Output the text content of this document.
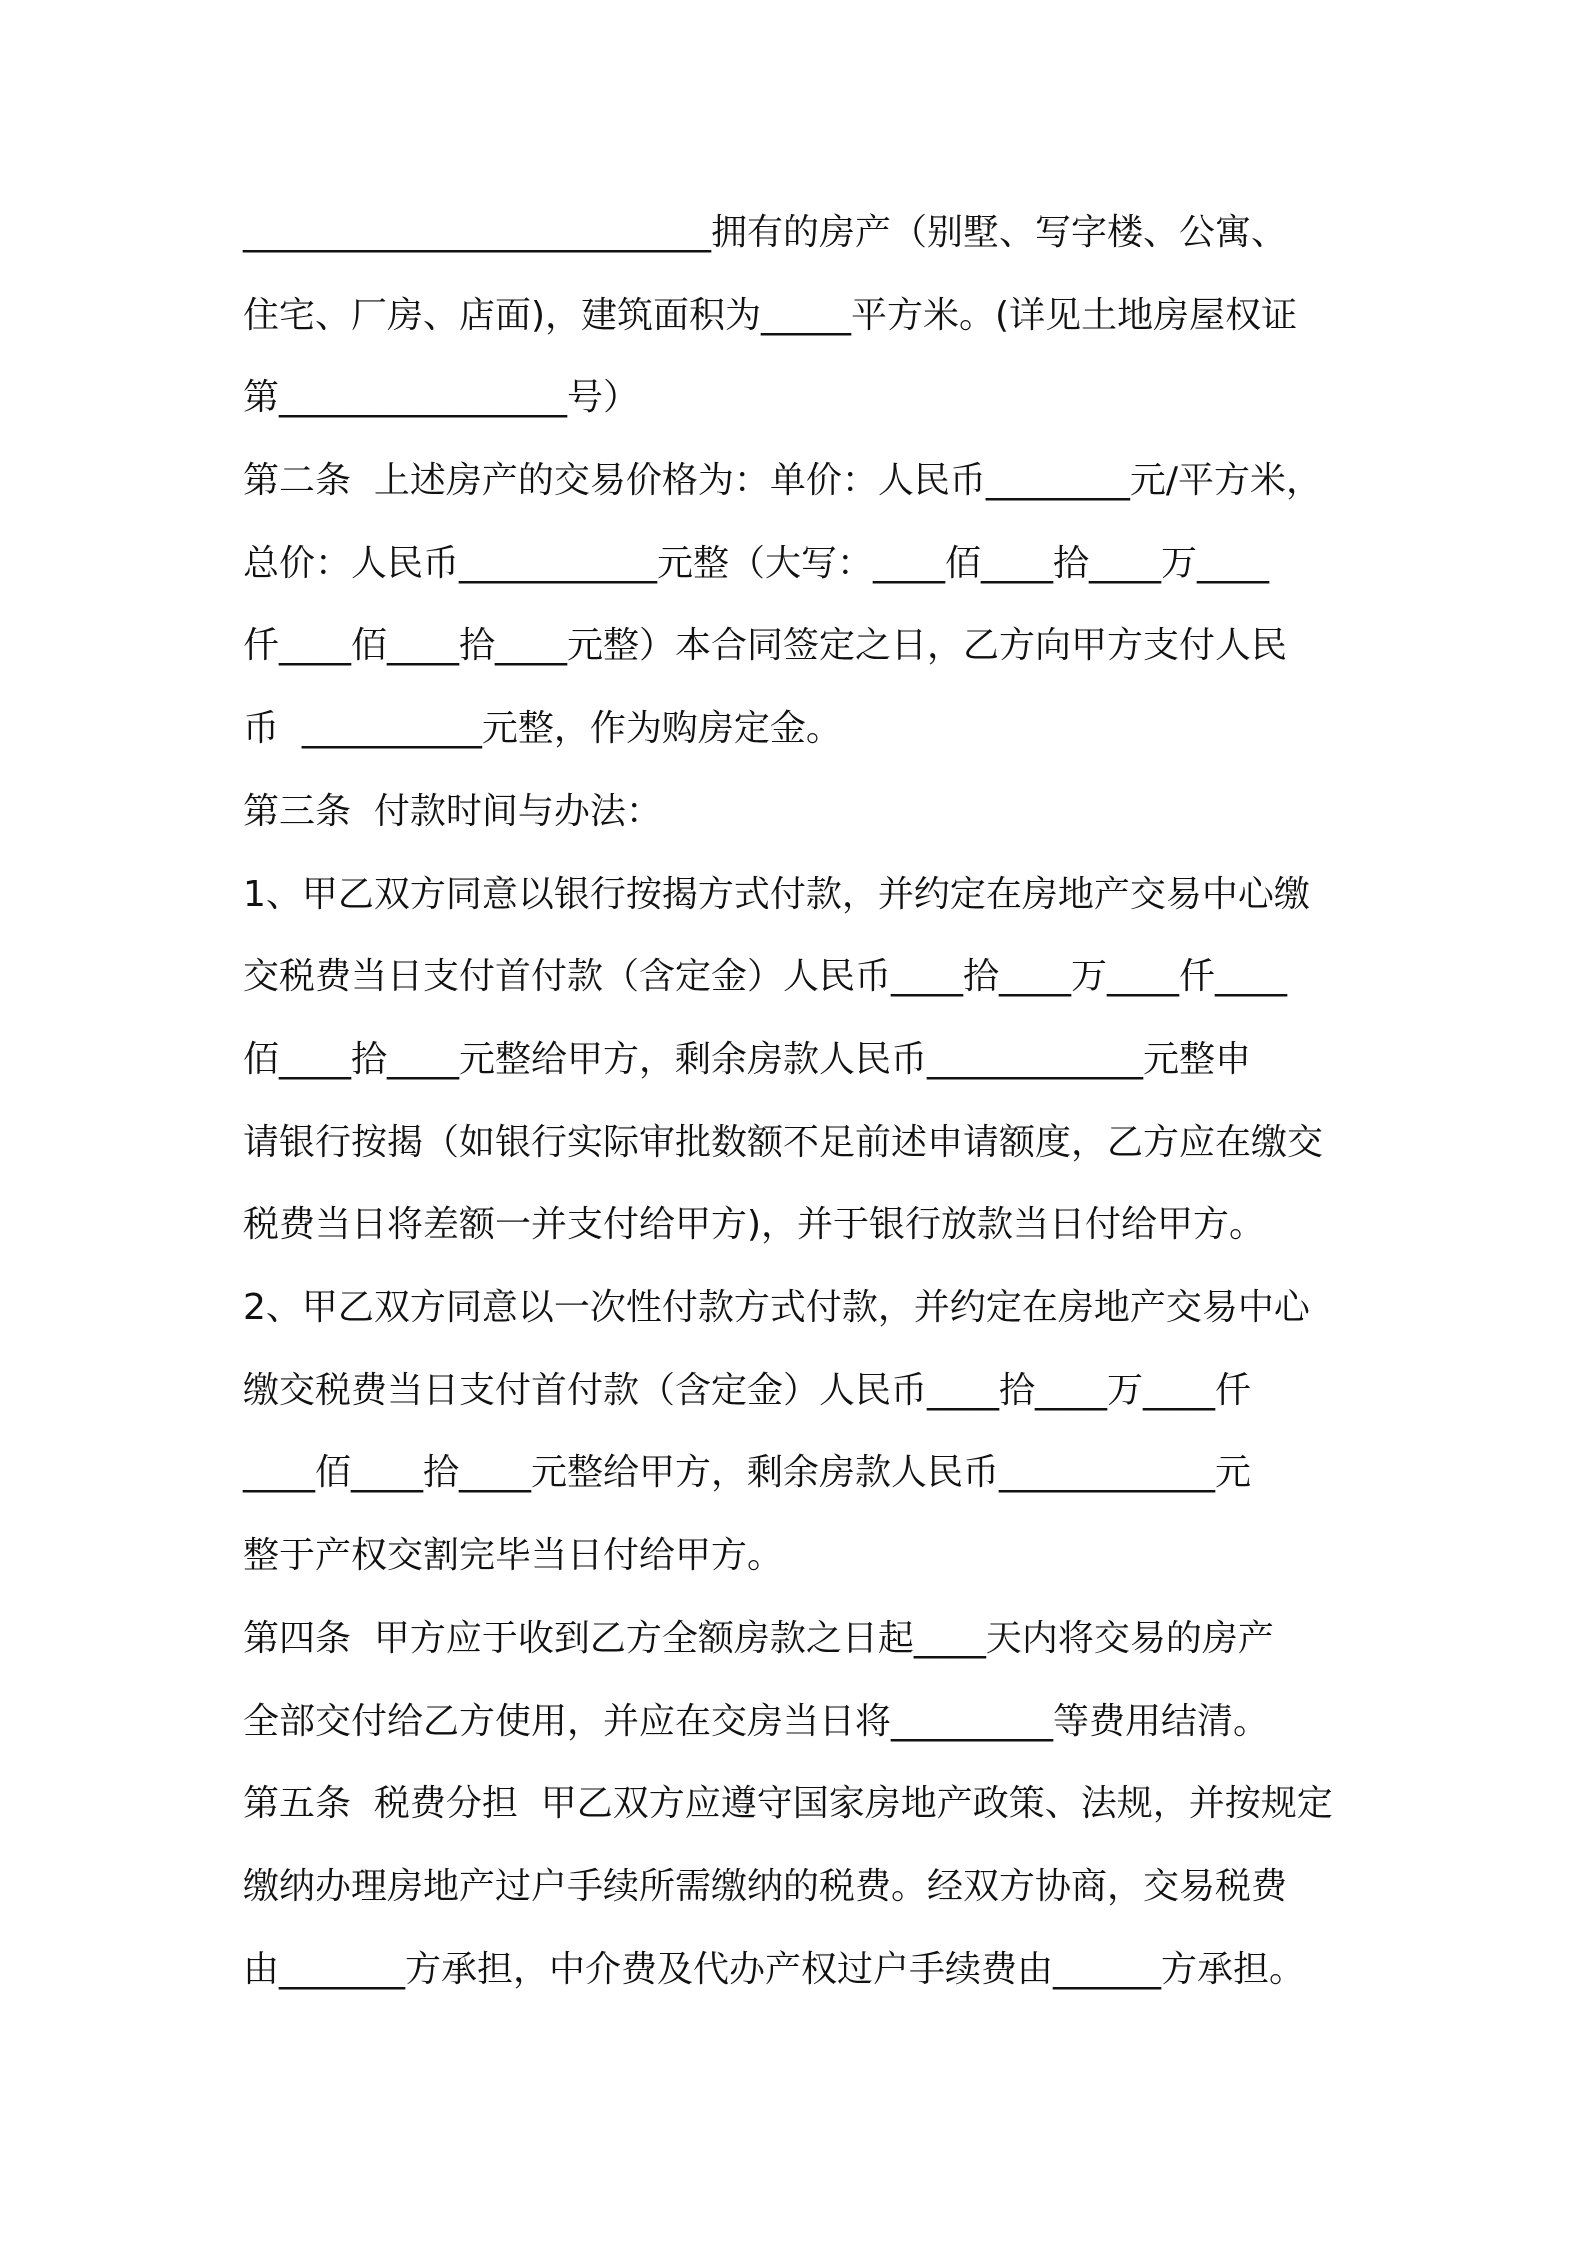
__________________________拥有的房产（别墅、写字楼、公寓、
住宅、厂房、店面)，建筑面积为_____平方米。(详见土地房屋权证
第________________号）
第二条  上述房产的交易价格为：单价：人民币________元/平方米，
总价：人民币___________元整（大写：____佰____拾____万____
仟____佰____拾____元整）本合同签定之日，乙方向甲方支付人民
币  __________元整，作为购房定金。
第三条  付款时间与办法：
1、甲乙双方同意以银行按揭方式付款，并约定在房地产交易中心缴
交税费当日支付首付款（含定金）人民币____拾____万____仟____
佰____拾____元整给甲方，剩余房款人民币____________元整申
请银行按揭（如银行实际审批数额不足前述申请额度，乙方应在缴交
税费当日将差额一并支付给甲方)，并于银行放款当日付给甲方。
2、甲乙双方同意以一次性付款方式付款，并约定在房地产交易中心
缴交税费当日支付首付款（含定金）人民币____拾____万____仟
____佰____拾____元整给甲方，剩余房款人民币____________元
整于产权交割完毕当日付给甲方。
第四条  甲方应于收到乙方全额房款之日起____天内将交易的房产
全部交付给乙方使用，并应在交房当日将_________等费用结清。
第五条  税费分担  甲乙双方应遵守国家房地产政策、法规，并按规定
缴纳办理房地产过户手续所需缴纳的税费。经双方协商，交易税费
由_______方承担，中介费及代办产权过户手续费由______方承担。
